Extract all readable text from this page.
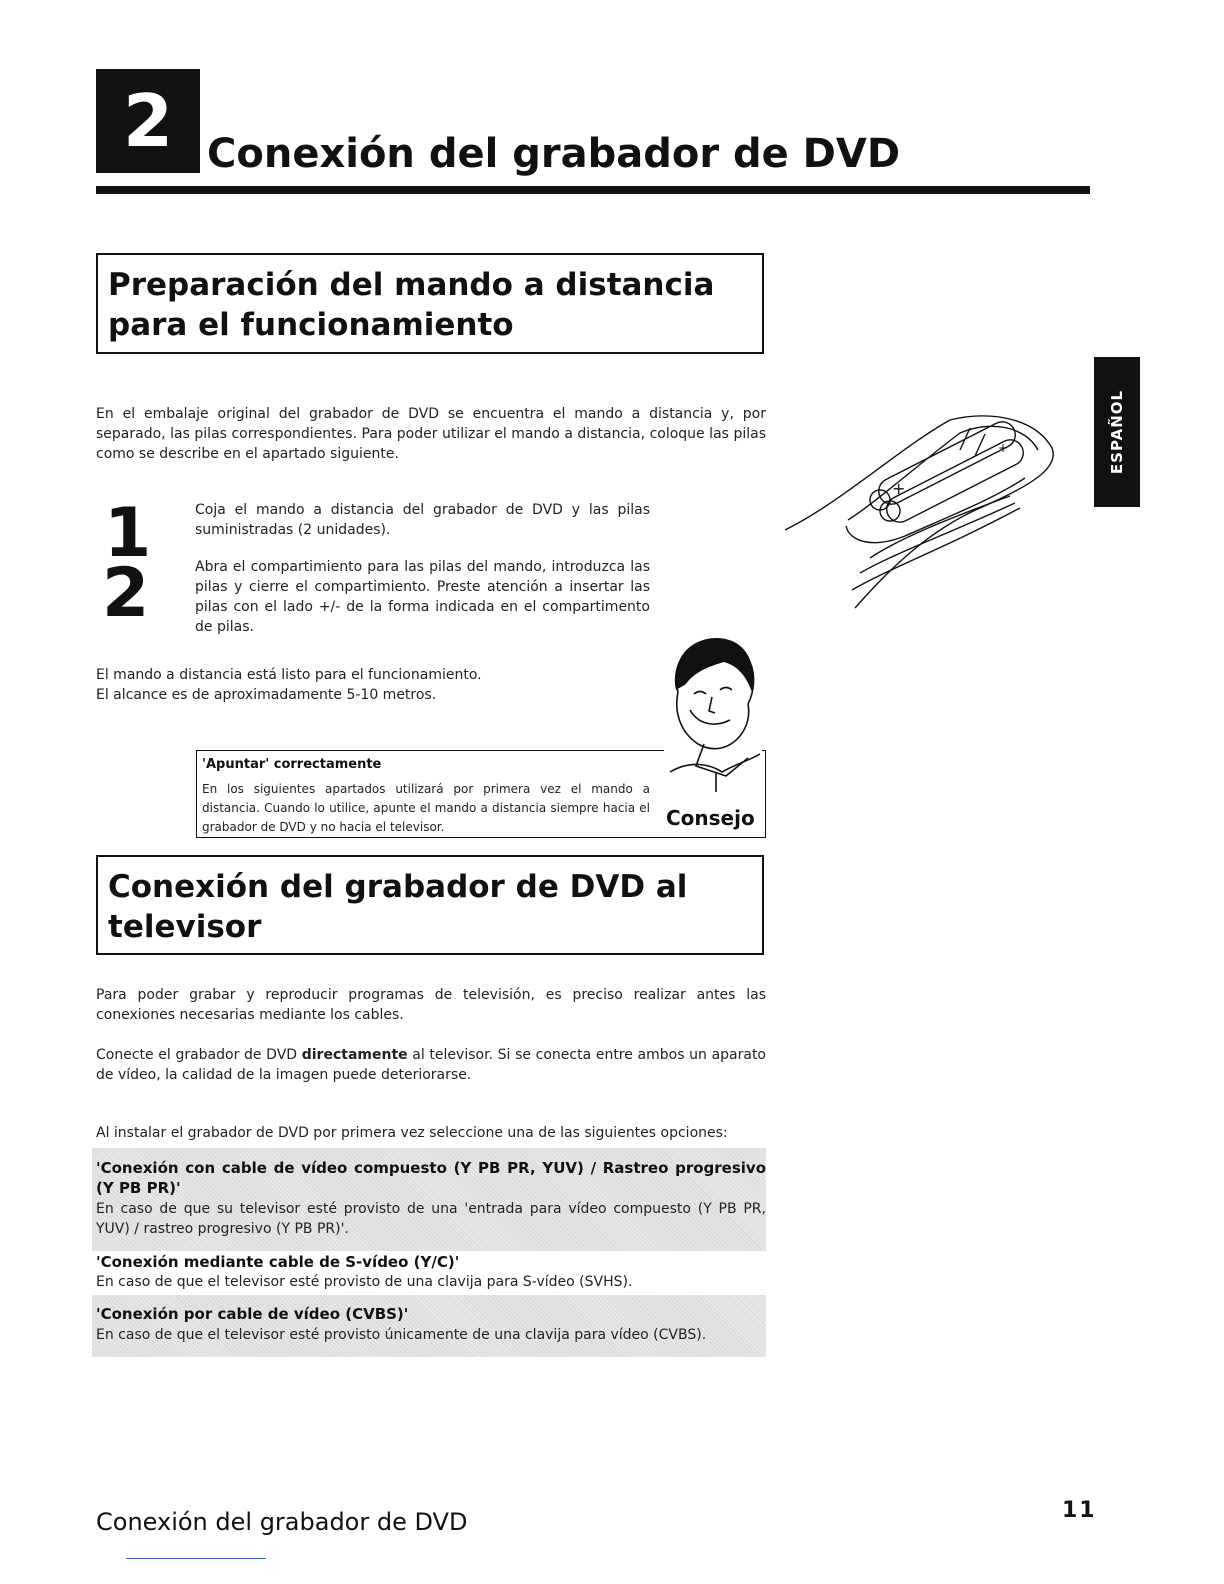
2 Conexión del grabador de DVD
ESPAÑOL
Preparación del mando a distancia para el funcionamiento
En el embalaje original del grabador de DVD se encuentra el mando a distancia y, por separado, las pilas correspondientes. Para poder utilizar el mando a distancia, coloque las pilas como se describe en el apartado siguiente.
+
+
1	Coja el mando a distancia del grabador de DVD y las pilas suministradas (2 unidades).
2	Abra el compartimiento para las pilas del mando, introduzca las pilas y cierre el compartimiento. Preste atención a insertar las pilas con el lado +/- de la forma indicada en el compartimento de pilas.
El mando a distancia está listo para el funcionamiento.
El alcance es de aproximadamente 5-10 metros.
'Apuntar' correctamente
En los siguientes apartados utilizará por primera vez el mando a distancia. Cuando lo utilice, apunte el mando a distancia siempre hacia el grabador de DVD y no hacia el televisor.	Consejo
Conexión del grabador de DVD al televisor
Para poder grabar y reproducir programas de televisión, es preciso realizar antes las conexiones necesarias mediante los cables.
Conecte el grabador de DVD directamente al televisor. Si se conecta entre ambos un aparato de vídeo, la calidad de la imagen puede deteriorarse.
Al instalar el grabador de DVD por primera vez seleccione una de las siguientes opciones:
'Conexión con cable de vídeo compuesto (Y PB PR, YUV) / Rastreo progresivo (Y PB PR)'
En caso de que su televisor esté provisto de una 'entrada para vídeo compuesto (Y PB PR, YUV) / rastreo progresivo (Y PB PR)'.
'Conexión mediante cable de S-vídeo (Y/C)'
En caso de que el televisor esté provisto de una clavija para S-vídeo (SVHS).
'Conexión por cable de vídeo (CVBS)'
En caso de que el televisor esté provisto únicamente de una clavija para vídeo (CVBS).
Conexión del grabador de DVD	11
